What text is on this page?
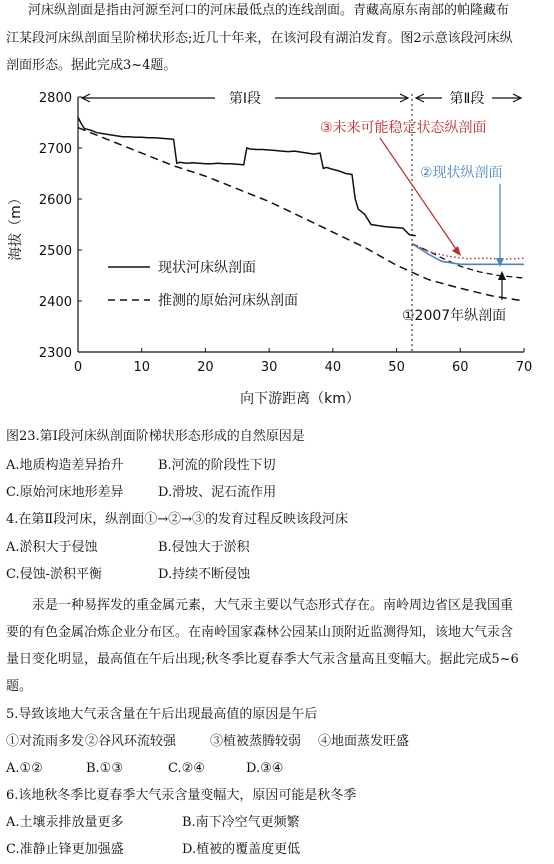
河床纵剖面是指由河源至河口的河床最低点的连线剖面。青藏高原东南部的帕隆藏布
江某段河床纵剖面呈阶梯状形态;近几十年来，在该河段有湖泊发育。图2示意该段河床纵
剖面形态。据此完成3~4题。
0	10	20	30	40	50	60	70
2300
2400
2500
2600
2700
2800	第Ⅰ段	第Ⅱ段
③未来可能稳定状态纵剖面
②现状纵剖面
①2007年纵剖面
现状河床纵剖面
推测的原始河床纵剖面
向下游距离（km）
海拔（m）
图23.第Ⅰ段河床纵剖面阶梯状形态形成的自然原因是
A.地质构造差异抬升	B.河流的阶段性下切
C.原始河床地形差异	D.滑坡、泥石流作用
4.在第Ⅱ段河床，纵剖面①→②→③的发育过程反映该段河床
A.淤积大于侵蚀	B.侵蚀大于淤积
C.侵蚀-淤积平衡	D.持续不断侵蚀
汞是一种易挥发的重金属元素，大气汞主要以气态形式存在。南岭周边省区是我国重
要的有色金属冶炼企业分布区。在南岭国家森林公园某山顶附近监测得知，该地大气汞含
量日变化明显，最高值在午后出现;秋冬季比夏春季大气汞含量高且变幅大。据此完成5~6
题。
5.导致该地大气汞含量在午后出现最高值的原因是午后
①对流雨多发 ②谷风环流较强	③植被蒸腾较弱 ④地面蒸发旺盛
A.①②	B.①③	C.②④	D.③④
6.该地秋冬季比夏春季大气汞含量变幅大，原因可能是秋冬季
A.土壤汞排放量更多	B.南下冷空气更频繁
C.准静止锋更加强盛	D.植被的覆盖度更低
